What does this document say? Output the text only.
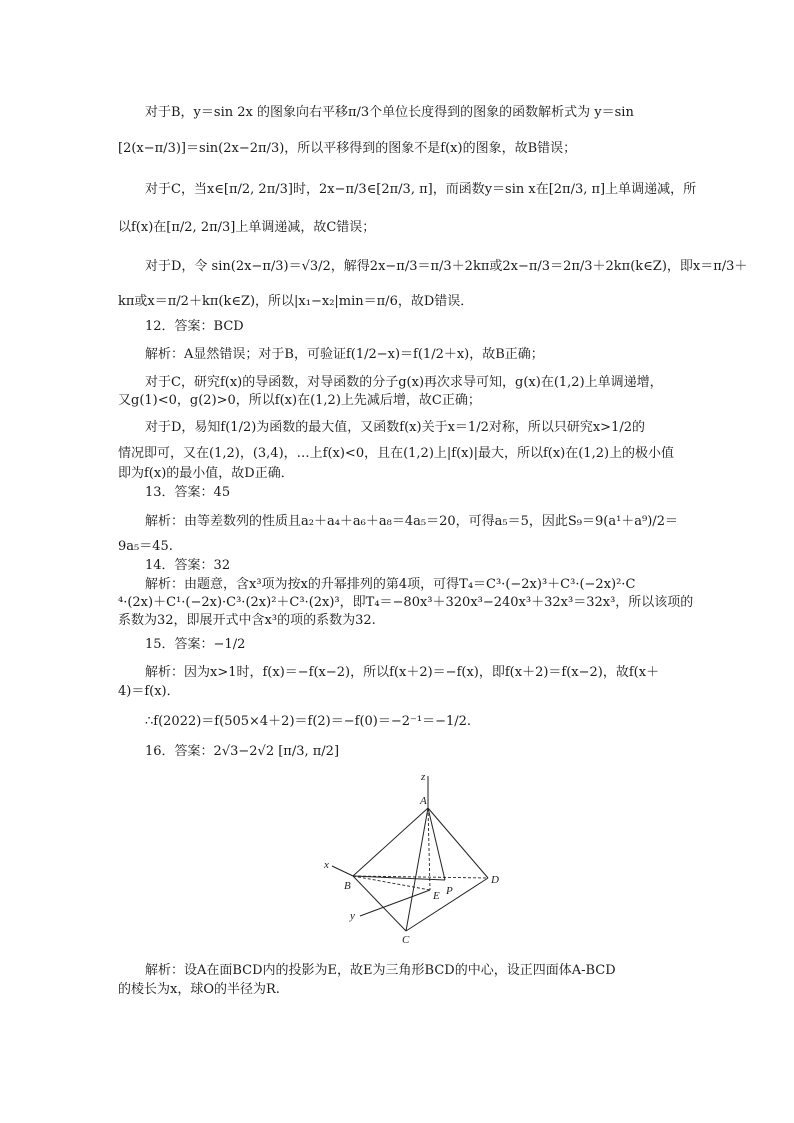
对于B，y＝sin 2x 的图象向右平移π/3个单位长度得到的图象的函数解析式为 y＝sin
[2(x−π/3)]＝sin(2x−2π/3)，所以平移得到的图象不是f(x)的图象，故B错误；
对于C，当x∈[π/2, 2π/3]时，2x−π/3∈[2π/3, π]，而函数y＝sin x在[2π/3, π]上单调递减，所
以f(x)在[π/2, 2π/3]上单调递减，故C错误；
对于D，令 sin(2x−π/3)＝√3/2，解得2x−π/3＝π/3＋2kπ或2x−π/3＝2π/3＋2kπ(k∈Z)，即x＝π/3＋
kπ或x＝π/2＋kπ(k∈Z)，所以|x₁−x₂|min＝π/6，故D错误．
12．答案：BCD
解析：A显然错误；对于B，可验证f(1/2−x)＝f(1/2＋x)，故B正确；
对于C，研究f(x)的导函数，对导函数的分子g(x)再次求导可知，g(x)在(1,2)上单调递增，
又g(1)<0，g(2)>0，所以f(x)在(1,2)上先减后增，故C正确；
对于D，易知f(1/2)为函数的最大值，又函数f(x)关于x＝1/2对称，所以只研究x>1/2的
情况即可，又在(1,2)，(3,4)，…上f(x)<0，且在(1,2)上|f(x)|最大，所以f(x)在(1,2)上的极小值
即为f(x)的最小值，故D正确．
13．答案：45
解析：由等差数列的性质且a₂＋a₄＋a₆＋a₈＝4a₅＝20，可得a₅＝5，因此S₉＝9(a¹＋a⁹)/2＝
9a₅＝45.
14．答案：32
解析：由题意，含x³项为按x的升幂排列的第4项，可得T₄＝C³·(−2x)³＋C³·(−2x)²·C
⁴·(2x)＋C¹·(−2x)·C³·(2x)²＋C³·(2x)³，即T₄＝−80x³＋320x³−240x³＋32x³＝32x³，所以该项的
系数为32，即展开式中含x³的项的系数为32.
15．答案：−1/2
解析：因为x>1时，f(x)＝−f(x−2)，所以f(x＋2)＝−f(x)，即f(x＋2)＝f(x−2)，故f(x＋
4)＝f(x)．
∴f(2022)＝f(505×4＋2)＝f(2)＝−f(0)＝−2⁻¹＝−1/2.
16．答案：2√3−2√2 [π/3, π/2]
解析：设A在面BCD内的投影为E，故E为三角形BCD的中心，设正四面体A-BCD
的棱长为x，球O的半径为R.
z
A
x
B
E P
D
y
C
